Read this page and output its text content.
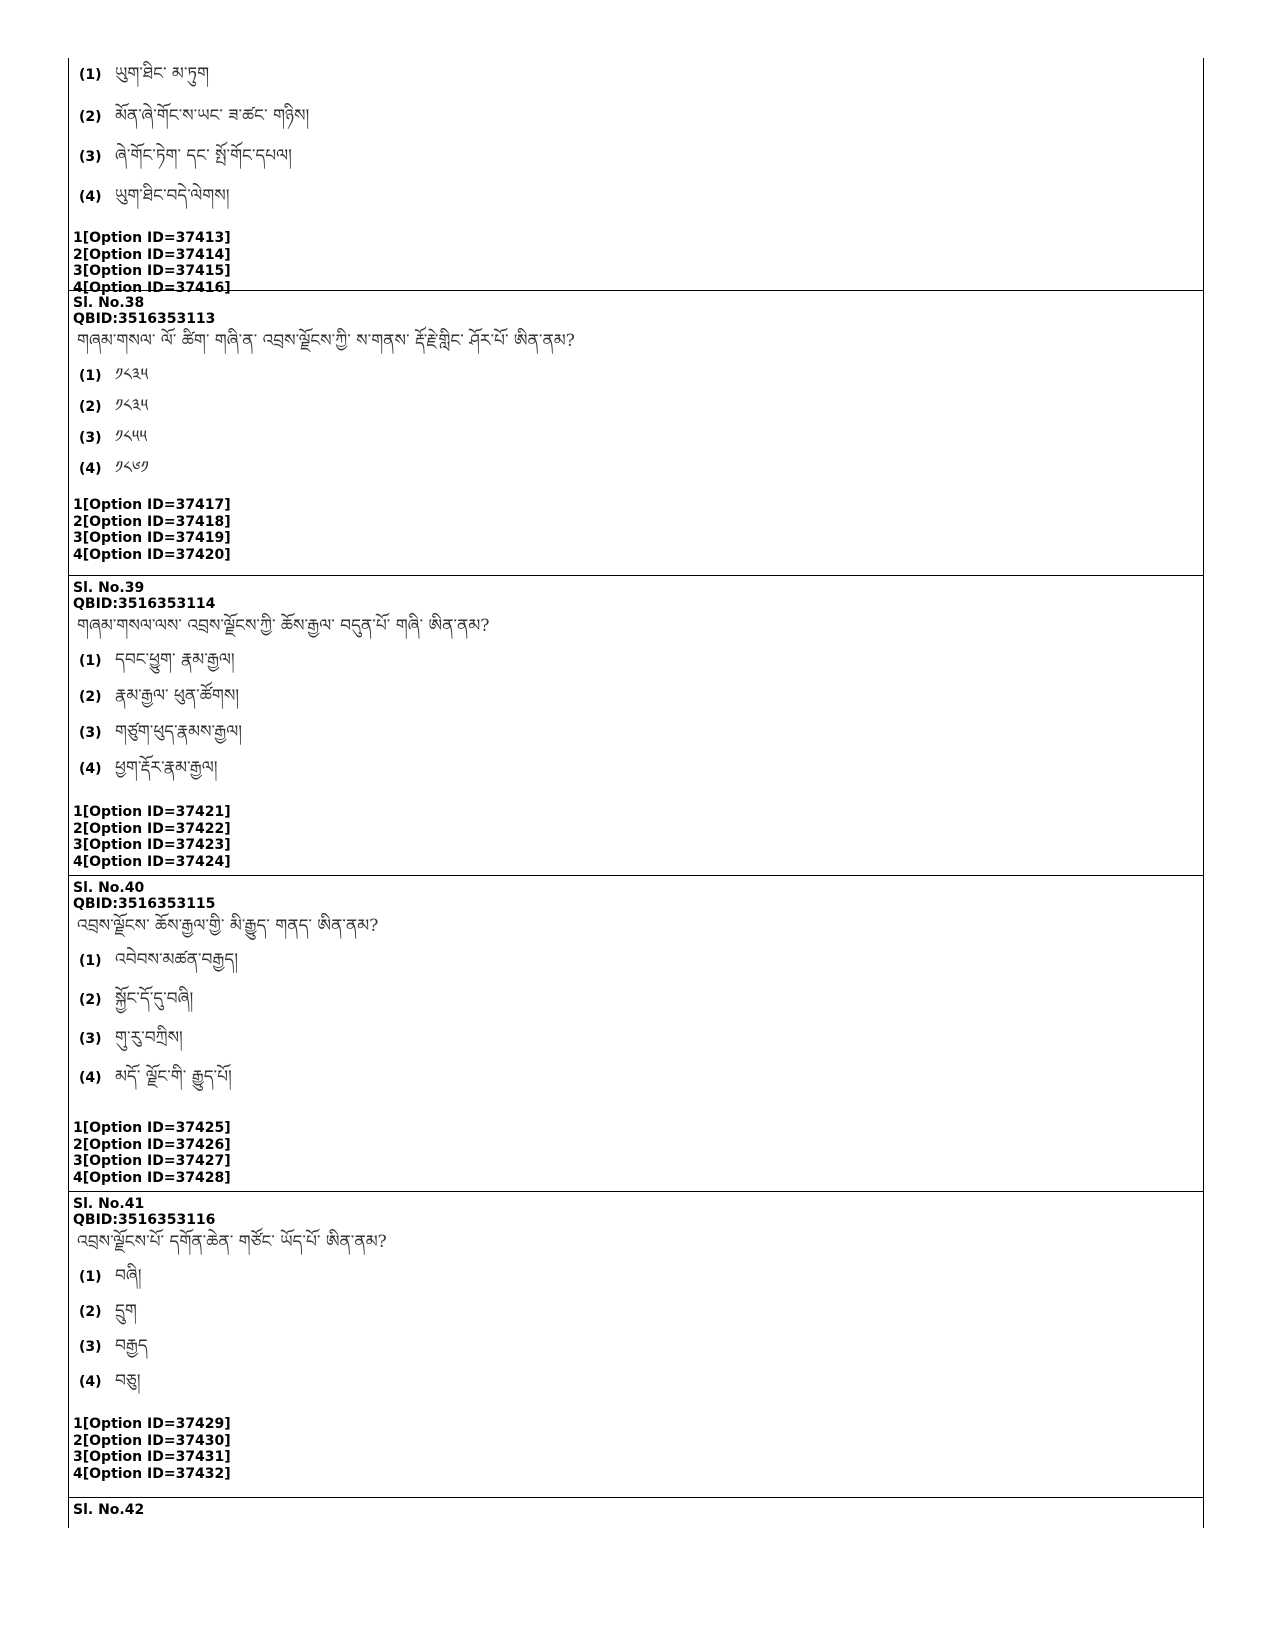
(1) ཡུག་ཐིང་ མ་ཏུག
(2) མོན་ཞེ་གོང་ས་ཡང་ ཟ་ཚང་ གཉིས།
(3) ཞེ་གོང་ཏེག་ དང་ སྤོ་གོང་དཔལ།
(4) ཡུག་ཐིང་བདེ་ལེགས།
1[Option ID=37413]
2[Option ID=37414]
3[Option ID=37415]
4[Option ID=37416]
Sl. No.38
QBID:3516353113
གཞམ་གསལ་ ལོ་ ཚིག་ གཞི་ན་ འབྲས་ལྗོངས་ཀྱི་ ས་གནས་ རྡོ་རྗེ་གླིང་ ཤོར་པོ་ ཨིན་ནམ?
(1) ༡༨༣༥
(2) ༡༨༣༥
(3) ༡༨༥༥
(4) ༡༨༦༡
1[Option ID=37417]
2[Option ID=37418]
3[Option ID=37419]
4[Option ID=37420]
Sl. No.39
QBID:3516353114
གཞམ་གསལ་ལས་ འབྲས་ལྗོངས་ཀྱི་ ཆོས་རྒྱལ་ བདུན་པོ་ གཞི་ ཨིན་ནམ?
(1) དབང་ཕྱུག་ རྣམ་རྒྱལ།
(2) རྣམ་རྒྱལ་ ཕུན་ཚོགས།
(3) གཙུག་ཕུད་རྣམས་རྒྱལ།
(4) ཕྱག་རྡོར་རྣམ་རྒྱལ།
1[Option ID=37421]
2[Option ID=37422]
3[Option ID=37423]
4[Option ID=37424]
Sl. No.40
QBID:3516353115
འབྲས་ལྗོངས་ ཆོས་རྒྱལ་གྱི་ མི་རྒྱུད་ གནད་ ཨིན་ནམ?
(1) འབེབས་མཚན་བརྒྱད།
(2) སྐྱོང་དོ་དུ་བཞི།
(3) གུ་རུ་བཀྲིས།
(4) མདོ་ ལྗོང་གི་ རྒྱུད་པོ།
1[Option ID=37425]
2[Option ID=37426]
3[Option ID=37427]
4[Option ID=37428]
Sl. No.41
QBID:3516353116
འབྲས་ལྗོངས་པོ་ དགོན་ཆེན་ གཙོང་ ཡོད་པོ་ ཨིན་ནམ?
(1) བཞི།
(2) དྲུག
(3) བརྒྱད
(4) བཅུ།
1[Option ID=37429]
2[Option ID=37430]
3[Option ID=37431]
4[Option ID=37432]
Sl. No.42
